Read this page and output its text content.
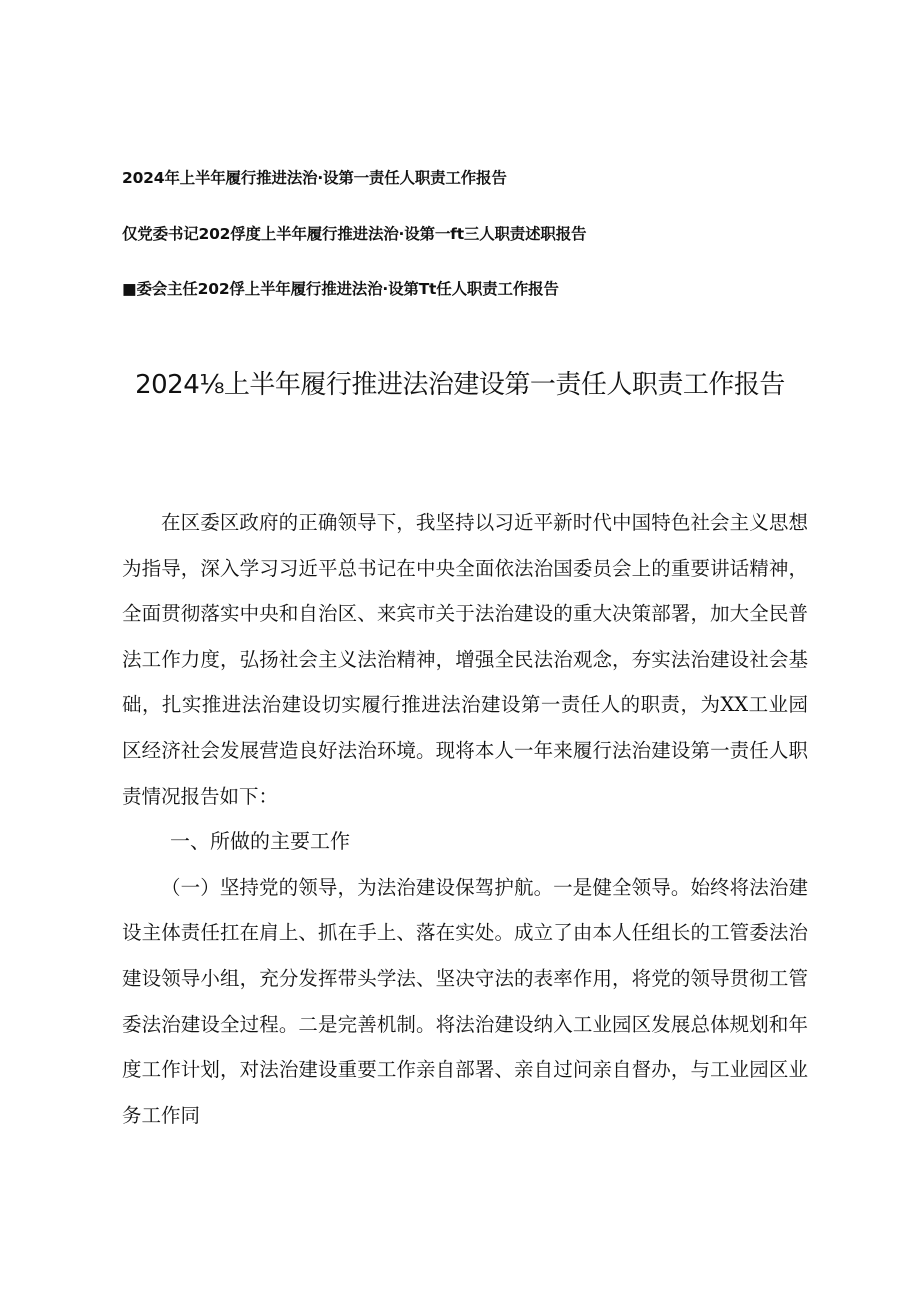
2024年上半年履行推进法治·设第一责任人职责工作报告
仅党委书记202俘度上半年履行推进法治·设第一ft三人职责述职报告
■委会主任202俘上半年履行推进法治·设第Tt任人职责工作报告
2024⅛上半年履行推进法治建设第一责任人职责工作报告

在区委区政府的正确领导下，我坚持以习近平新时代中国特色社会主义思想为指导，深入学习习近平总书记在中央全面依法治国委员会上的重要讲话精神，全面贯彻落实中央和自治区、来宾市关于法治建设的重大决策部署，加大全民普法工作力度，弘扬社会主义法治精神，增强全民法治观念，夯实法治建设社会基础，扎实推进法治建设切实履行推进法治建设第一责任人的职责，为XX工业园区经济社会发展营造良好法治环境。现将本人一年来履行法治建设第一责任人职责情况报告如下：

一、所做的主要工作

（一）坚持党的领导，为法治建设保驾护航。一是健全领导。始终将法治建设主体责任扛在肩上、抓在手上、落在实处。成立了由本人任组长的工管委法治建设领导小组，充分发挥带头学法、坚决守法的表率作用，将党的领导贯彻工管委法治建设全过程。二是完善机制。将法治建设纳入工业园区发展总体规划和年度工作计划，对法治建设重要工作亲自部署、亲自过问亲自督办，与工业园区业务工作同
